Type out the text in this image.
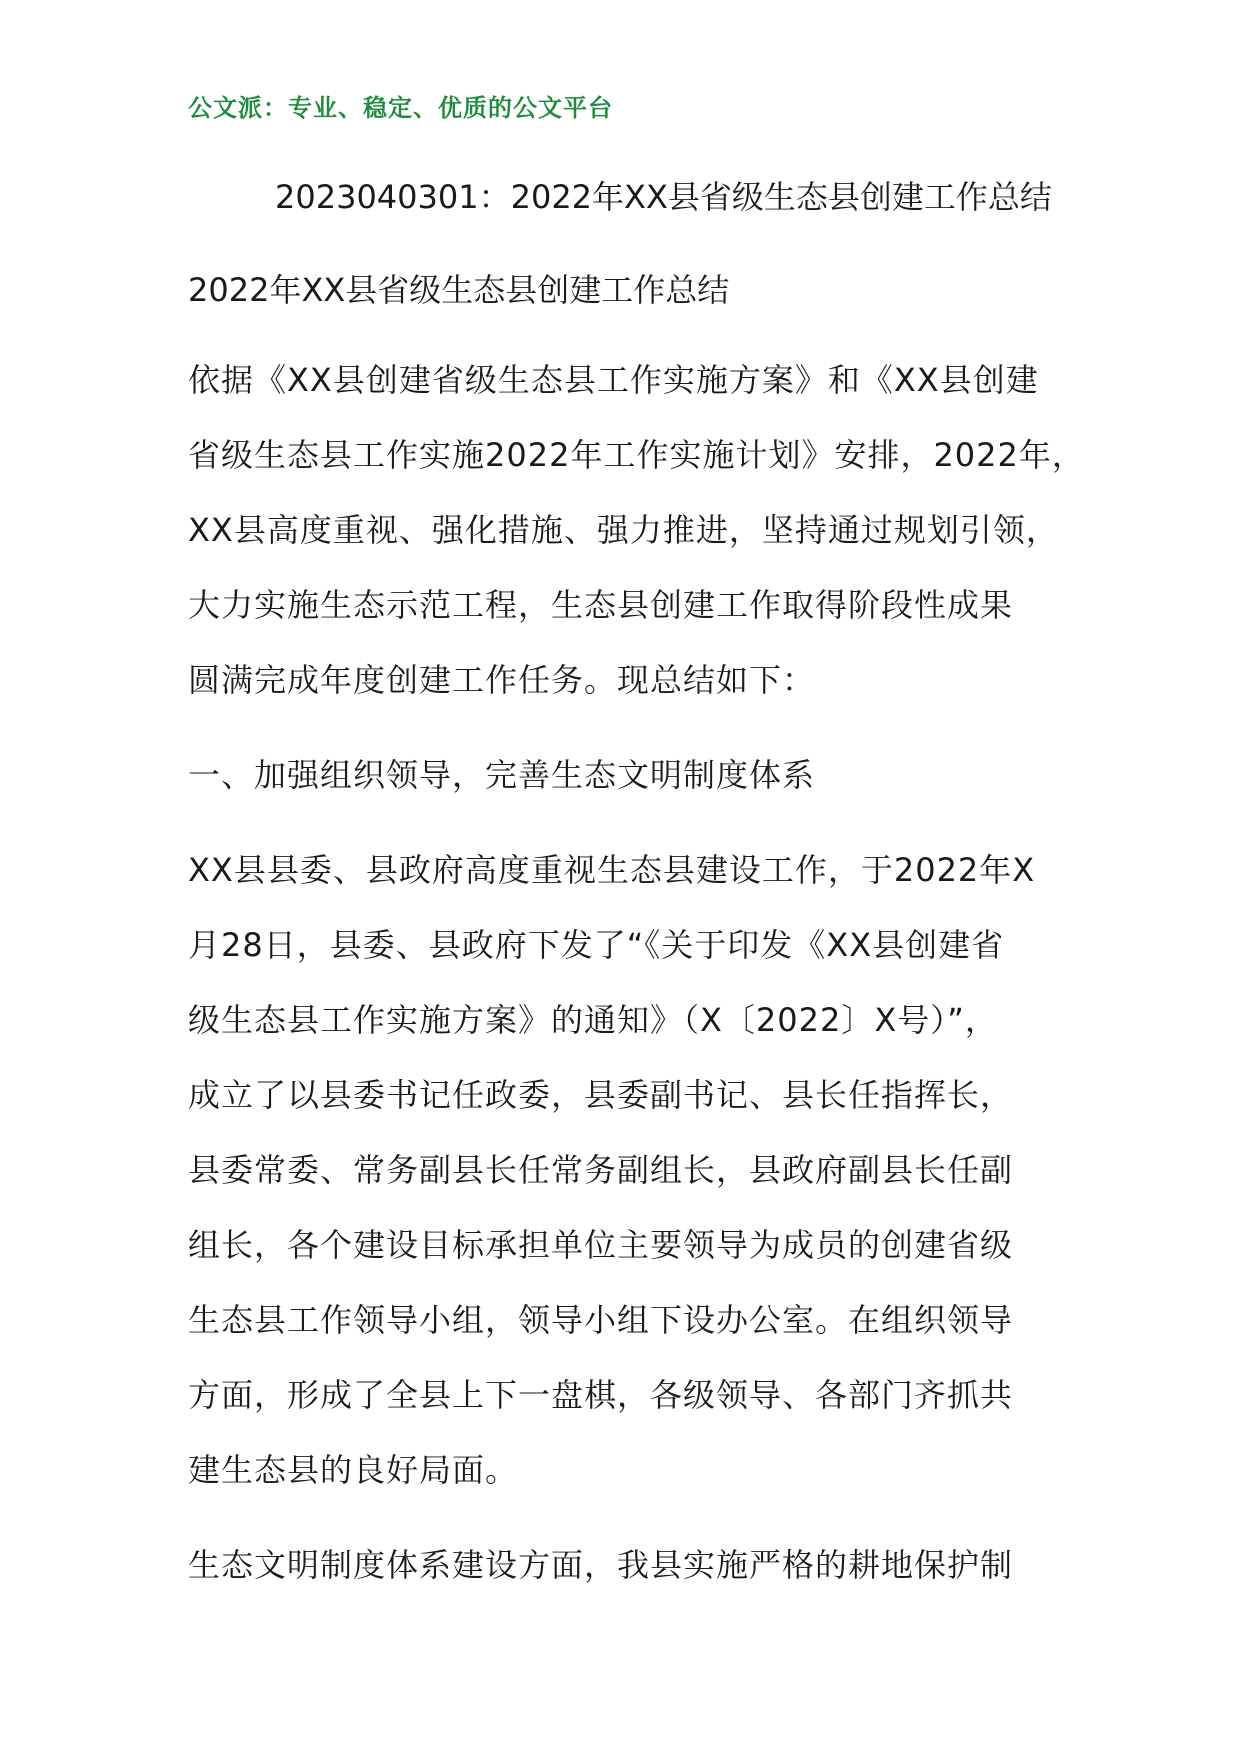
公文派：专业、稳定、优质的公文平台
2023040301：2022年XX县省级生态县创建工作总结
2022年XX县省级生态县创建工作总结
依据《XX县创建省级生态县工作实施方案》和《XX县创建
省级生态县工作实施2022年工作实施计划》安排，2022年，
XX县高度重视、强化措施、强力推进，坚持通过规划引领，
大力实施生态示范工程，生态县创建工作取得阶段性成果
圆满完成年度创建工作任务。现总结如下：
一、加强组织领导，完善生态文明制度体系
XX县县委、县政府高度重视生态县建设工作，于2022年X
月28日，县委、县政府下发了“《关于印发《XX县创建省
级生态县工作实施方案》的通知》（X〔2022〕X号）”，
成立了以县委书记任政委，县委副书记、县长任指挥长，
县委常委、常务副县长任常务副组长，县政府副县长任副
组长，各个建设目标承担单位主要领导为成员的创建省级
生态县工作领导小组，领导小组下设办公室。在组织领导
方面，形成了全县上下一盘棋，各级领导、各部门齐抓共
建生态县的良好局面。
生态文明制度体系建设方面，我县实施严格的耕地保护制
